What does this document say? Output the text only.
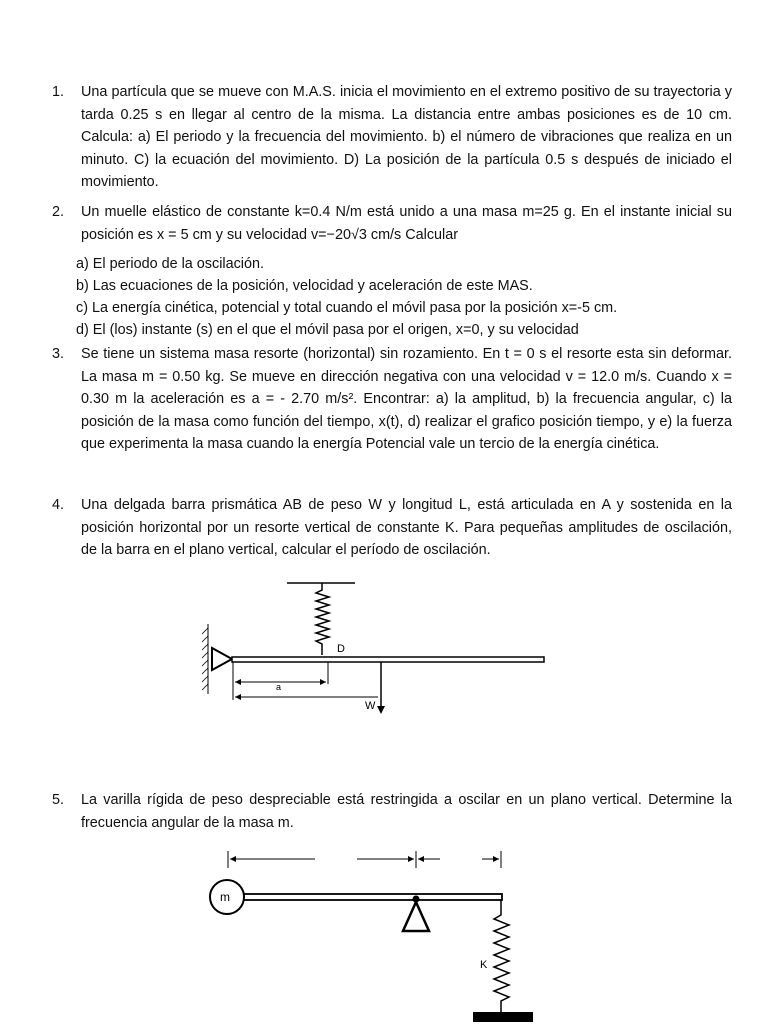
1.	Una partícula que se mueve con M.A.S. inicia el movimiento en el extremo positivo de su trayectoria y tarda 0.25 s en llegar al centro de la misma. La distancia entre ambas posiciones es de 10 cm. Calcula: a) El periodo y la frecuencia del movimiento. b) el número de vibraciones que realiza en un minuto. C) la ecuación del movimiento. D) La posición de la partícula 0.5 s después de iniciado el movimiento.
2.	Un muelle elástico de constante k=0.4 N/m está unido a una masa m=25 g. En el instante inicial su posición es x = 5 cm y su velocidad v=−20√3 cm/s Calcular
a) El periodo de la oscilación.
b) Las ecuaciones de la posición, velocidad y aceleración de este MAS.
c) La energía cinética, potencial y total cuando el móvil pasa por la posición x=-5 cm.
d) El (los) instante (s) en el que el móvil pasa por el origen, x=0, y su velocidad
3.	Se tiene un sistema masa resorte (horizontal) sin rozamiento. En t = 0 s el resorte esta sin deformar. La masa m = 0.50 kg. Se mueve en dirección negativa con una velocidad v = 12.0 m/s. Cuando x = 0.30 m la aceleración es a = - 2.70 m/s². Encontrar: a) la amplitud, b) la frecuencia angular, c) la posición de la masa como función del tiempo, x(t), d) realizar el grafico posición tiempo, y e) la fuerza que experimenta la masa cuando la energía Potencial vale un tercio de la energía cinética.
4.	Una delgada barra prismática AB de peso W y longitud L, está articulada en A y sostenida en la posición horizontal por un resorte vertical de constante K. Para pequeñas amplitudes de oscilación, de la barra en el plano vertical, calcular el período de oscilación.
D
a
W
5.	La varilla rígida de peso despreciable está restringida a oscilar en un plano vertical. Determine la frecuencia angular de la masa m.
m
K
